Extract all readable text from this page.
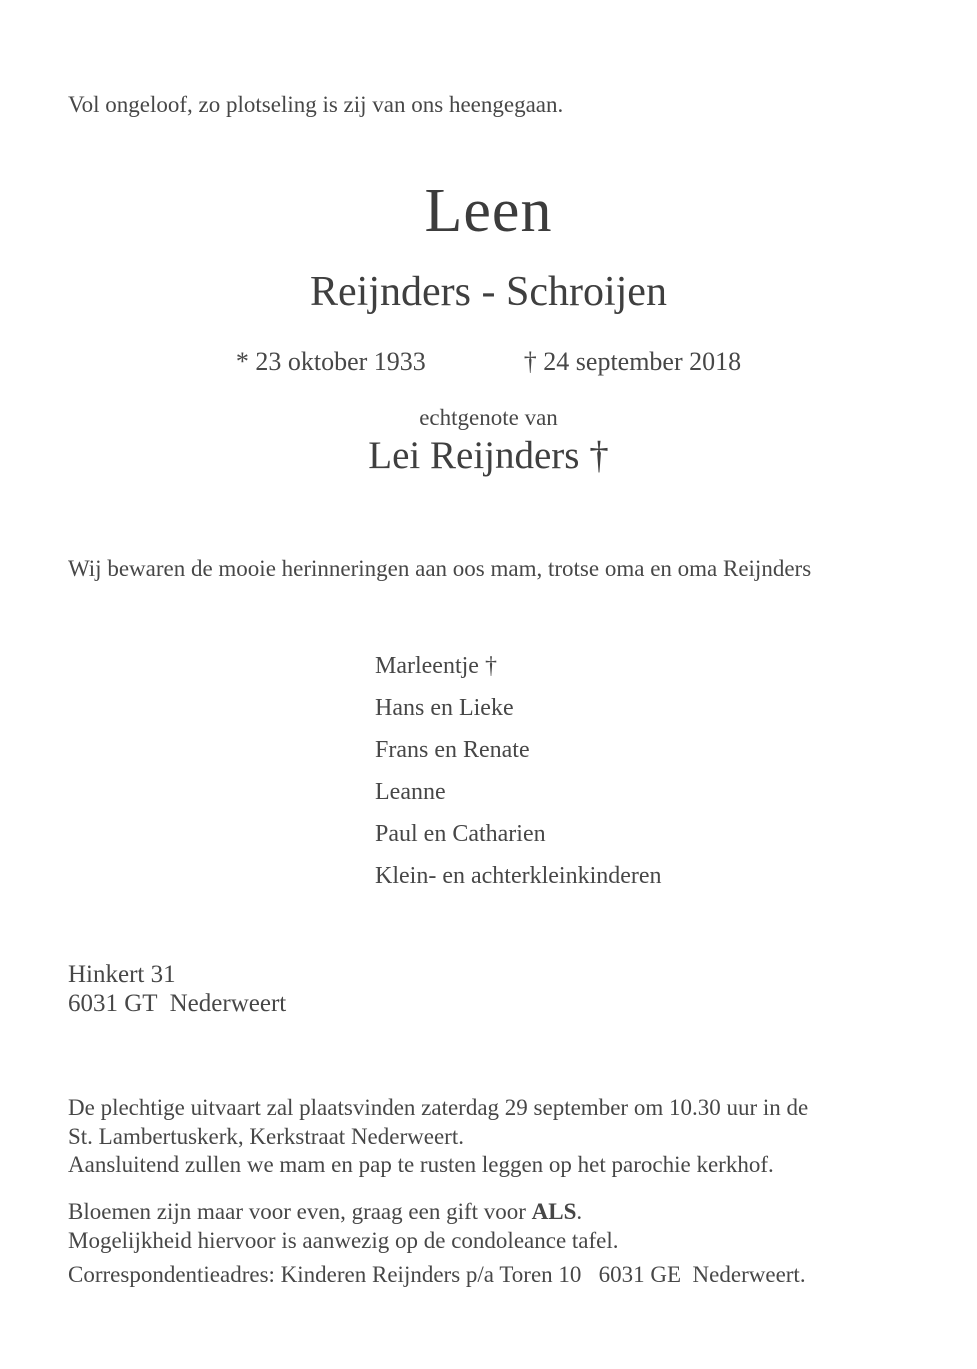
Vol ongeloof, zo plotseling is zij van ons heengegaan.
Leen
Reijnders - Schroijen
* 23 oktober 1933	† 24 september 2018
echtgenote van
Lei Reijnders †
Wij bewaren de mooie herinneringen aan oos mam, trotse oma en oma Reijnders
Marleentje †
Hans en Lieke
Frans en Renate
Leanne
Paul en Catharien
Klein- en achterkleinkinderen
Hinkert 31
6031 GT  Nederweert
De plechtige uitvaart zal plaatsvinden zaterdag 29 september om 10.30 uur in de
St. Lambertuskerk, Kerkstraat Nederweert.
Aansluitend zullen we mam en pap te rusten leggen op het parochie kerkhof.
Bloemen zijn maar voor even, graag een gift voor ALS.
Mogelijkheid hiervoor is aanwezig op de condoleance tafel.
Correspondentieadres: Kinderen Reijnders p/a Toren 10   6031 GE  Nederweert.
